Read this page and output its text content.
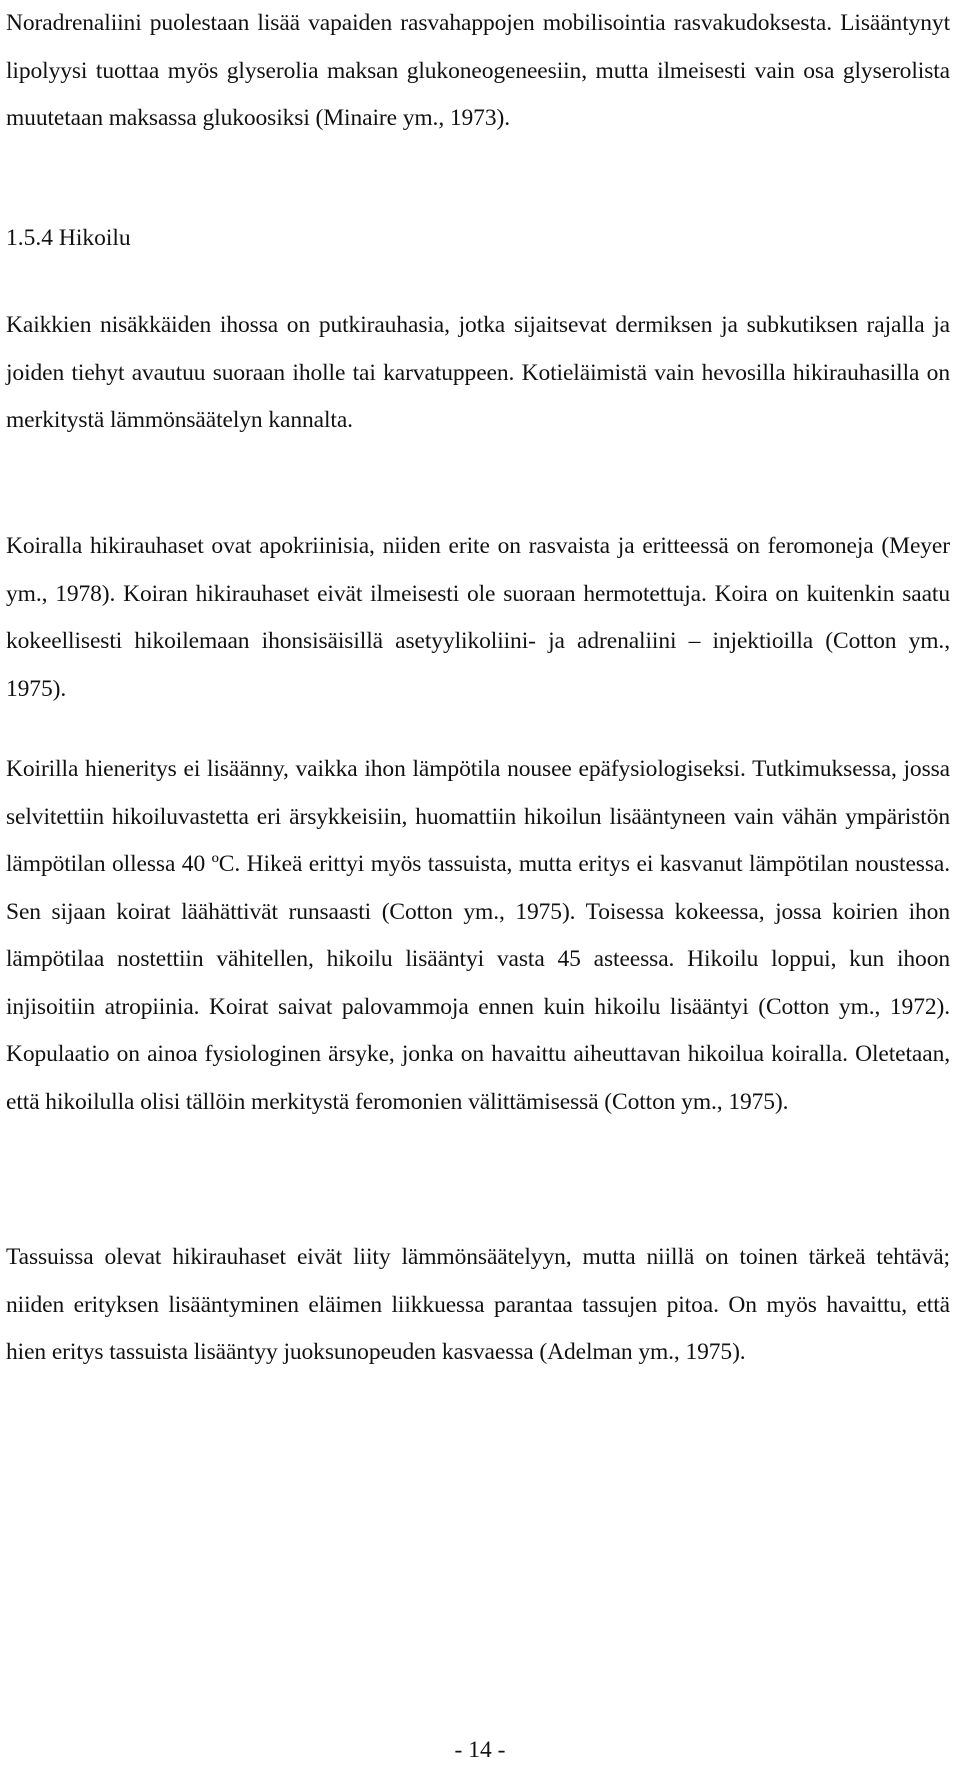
Noradrenaliini puolestaan lisää vapaiden rasvahappojen mobilisointia rasvakudoksesta. Lisääntynyt lipolyysi tuottaa myös glyserolia maksan glukoneogeneesiin, mutta ilmeisesti vain osa glyserolista muutetaan maksassa glukoosiksi (Minaire ym., 1973).

1.5.4 Hikoilu

Kaikkien nisäkkäiden ihossa on putkirauhasia, jotka sijaitsevat dermiksen ja subkutiksen rajalla ja joiden tiehyt avautuu suoraan iholle tai karvatuppeen. Kotieläimistä vain hevosilla hikirauhasilla on merkitystä lämmönsäätelyn kannalta.

Koiralla hikirauhaset ovat apokriinisia, niiden erite on rasvaista ja eritteessä on feromoneja (Meyer ym., 1978). Koiran hikirauhaset eivät ilmeisesti ole suoraan hermotettuja. Koira on kuitenkin saatu kokeellisesti hikoilemaan ihonsisäisillä asetyylikoliini- ja adrenaliini – injektioilla (Cotton ym., 1975).

Koirilla hieneritys ei lisäänny, vaikka ihon lämpötila nousee epäfysiologiseksi. Tutkimuksessa, jossa selvitettiin hikoiluvastetta eri ärsykkeisiin, huomattiin hikoilun lisääntyneen vain vähän ympäristön lämpötilan ollessa 40 ºC. Hikeä erittyi myös tassuista, mutta eritys ei kasvanut lämpötilan noustessa. Sen sijaan koirat läähättivät runsaasti (Cotton ym., 1975). Toisessa kokeessa, jossa koirien ihon lämpötilaa nostettiin vähitellen, hikoilu lisääntyi vasta 45 asteessa. Hikoilu loppui, kun ihoon injisoitiin atropiinia. Koirat saivat palovammoja ennen kuin hikoilu lisääntyi (Cotton ym., 1972). Kopulaatio on ainoa fysiologinen ärsyke, jonka on havaittu aiheuttavan hikoilua koiralla. Oletetaan, että hikoilulla olisi tällöin merkitystä feromonien välittämisessä (Cotton ym., 1975).

Tassuissa olevat hikirauhaset eivät liity lämmönsäätelyyn, mutta niillä on toinen tärkeä tehtävä; niiden erityksen lisääntyminen eläimen liikkuessa parantaa tassujen pitoa. On myös havaittu, että hien eritys tassuista lisääntyy juoksunopeuden kasvaessa (Adelman ym., 1975).

- 14 -
